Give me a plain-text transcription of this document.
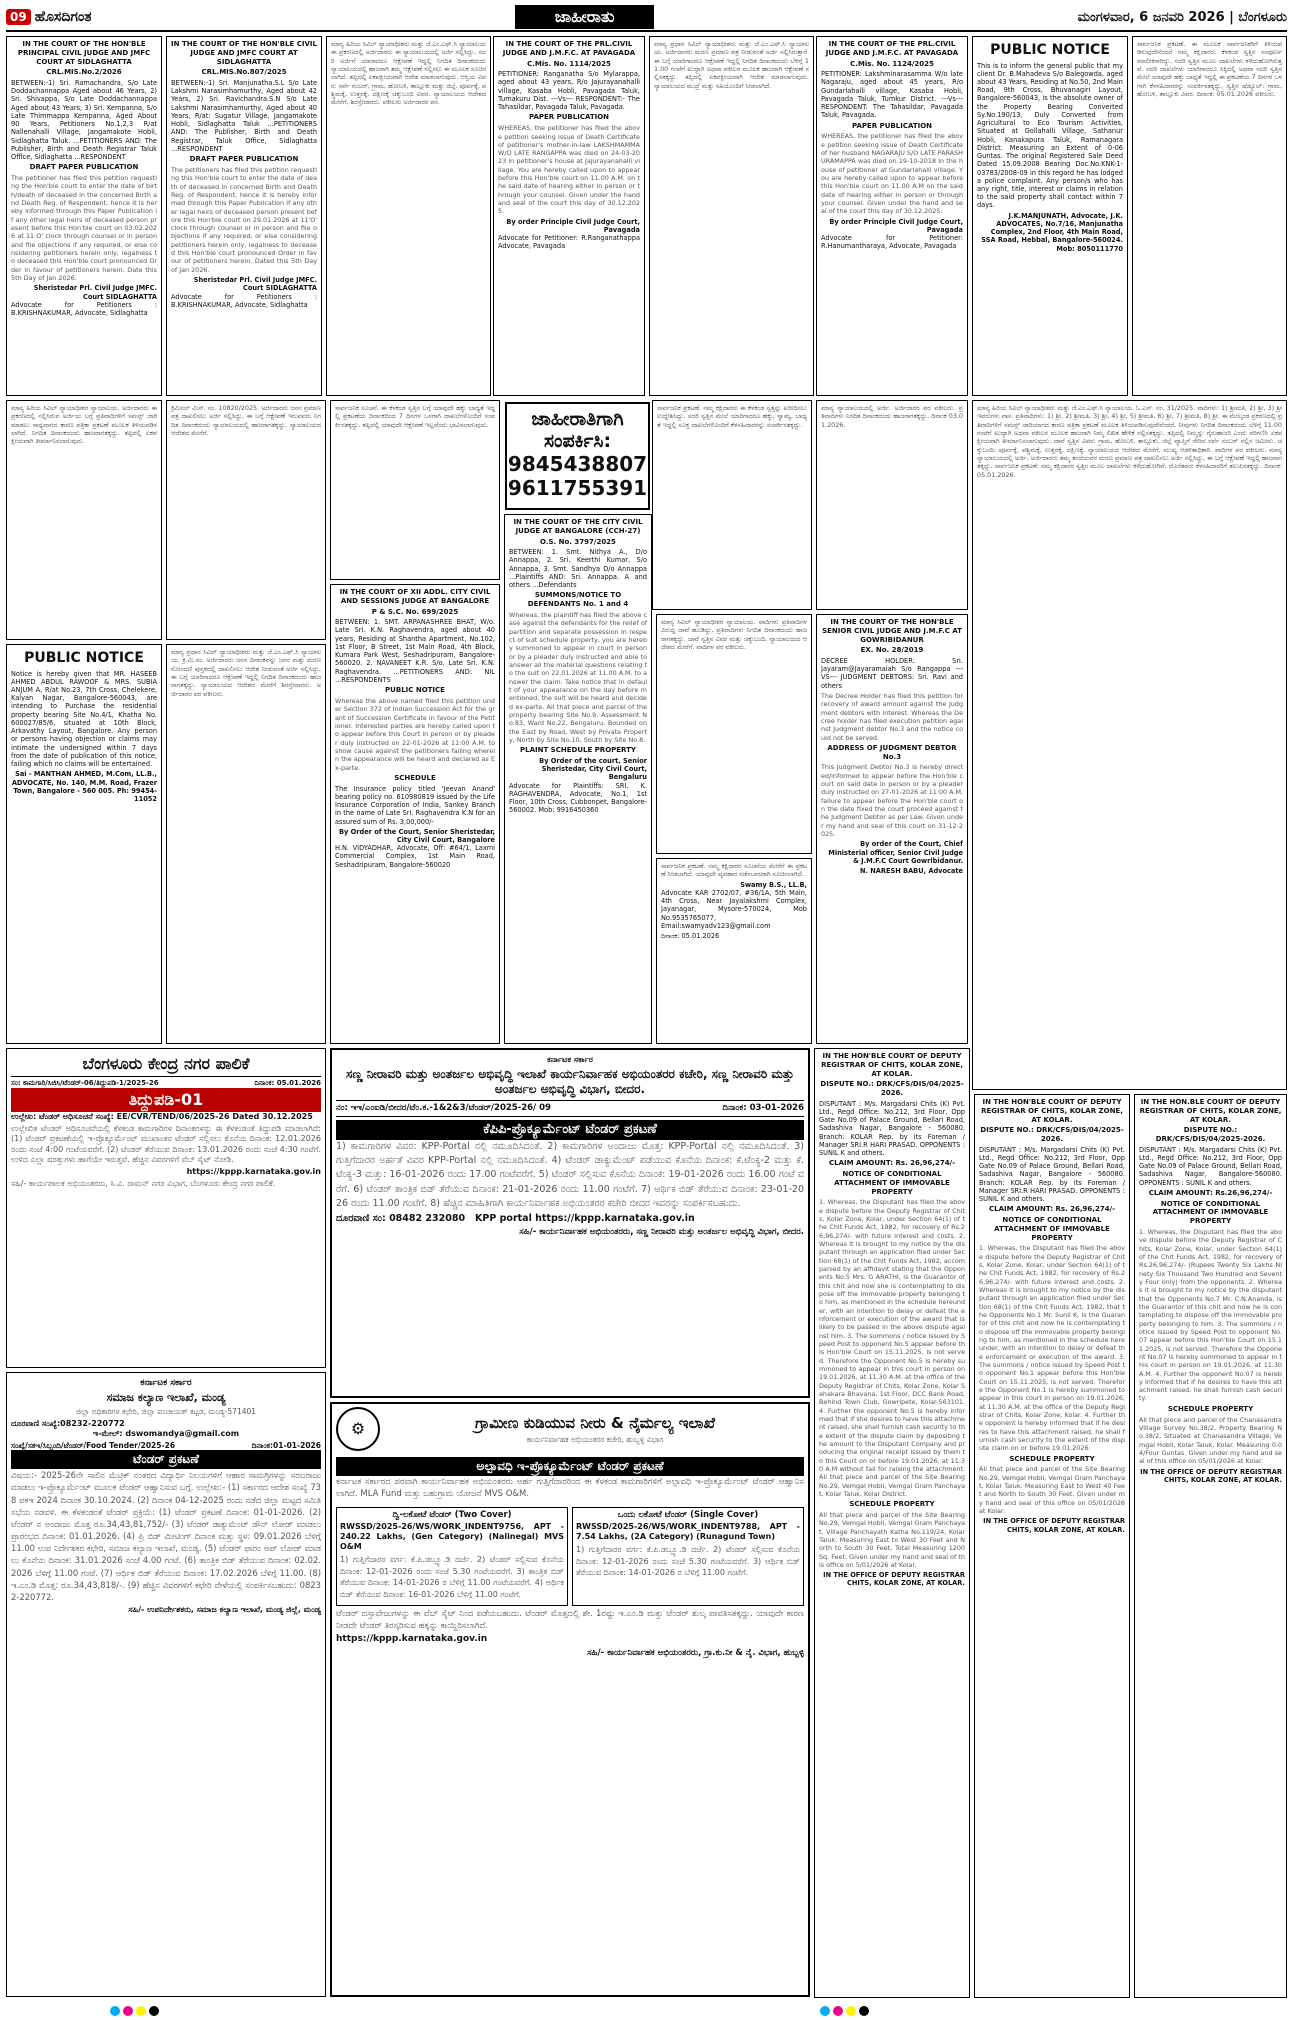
09 ಹೊಸದಿಗಂತ	ಜಾಹೀರಾತು	ಮಂಗಳವಾರ, 6 ಜನವರಿ 2026 | ಬೆಂಗಳೂರು
IN THE COURT OF THE HON'BLE PRINCIPAL CIVIL JUDGE AND JMFC COURT AT SIDLAGHATTA
CRL.MIS.No.2/2026

BETWEEN:-1) Sri. Ramachandra, S/o Late Doddachannappa Aged about 46 Years, 2) Sri. Shivappa, S/o Late Doddachannappa Aged about 43 Years, 3) Sri. Kempanna, S/o Late Thimmappa Kempanna, Aged About 90 Years, Petitioners No.1,2,3 R/at Nallenahalli Village, Jangamakote Hobli, Sidlaghatta Taluk. ...PETITIONERS AND: The Publisher, Birth and Death Registrar Taluk Office, Sidlaghatta ...RESPONDENT

DRAFT PAPER PUBLICATION

The petitioner has filed this petition requesting the Hon'ble court to enter the date of birth/death of deceased in the concerned Birth and Death Reg. of Respondent, hence it is hereby informed through this Paper Publication if any other legal heirs of deceased person present before this Hon'ble court on 03.02.2026 at 11 O' clock through counsel or in person and file objections if any required, or else considering petitioners herein only, legalness to deceased this Hon'ble court pronounced Order in favour of petitioners herein. Date this 5th Day of Jan 2026.

Sheristedar Prl. Civil Judge JMFC. Court SIDLAGHATTA

Advocate for Petitioners : B.KRISHNAKUMAR, Advocate, Sidlaghatta

IN THE COURT OF THE HON'BLE CIVIL JUDGE AND JMFC COURT AT SIDLAGHATTA
CRL.MIS.No.807/2025

BETWEEN:-1) Sri. Manjunatha.S.L S/o Late Lakshmi Narasimhamurthy, Aged about 42 Years, 2) Sri. Ravichandra.S.N S/o Late Lakshmi Narasimhamurthy, Aged about 40 Years, R/at: Sugatur Village, Jangamakote Hobli, Sidlaghatta Taluk ...PETITIONERS AND: The Publisher, Birth and Death Registrar, Taluk Office, Sidlaghatta ...RESPONDENT

DRAFT PAPER PUBLICATION

The petitioners has filed this petition requesting this Hon'ble court to enter the date of death of deceased in concerned Birth and Death Reg. of Respondent, hence it is hereby informed through this Paper Publication if any other legal heirs of deceased person present before this Hon'ble court on 29.01.2026 at 11'O' clock through counsel or in person and file objections if any required, or else considering petitioners herein only, legalness to deceased this Hon'ble court pronounced Order in favour of petitioners herein. Dated this 5th Day of Jan 2026.

Sheristedar Prl. Civil Judge JMFC. Court SIDLAGHATTA

Advocate for Petitioners : B.KRISHNAKUMAR, Advocate, Sidlaghatta

ಮಾನ್ಯ ಹಿರಿಯ ಸಿವಿಲ್ ನ್ಯಾಯಾಧೀಶರು ಮತ್ತು ಜೆ.ಎಂ.ಎಫ್.ಸಿ ನ್ಯಾಯಾಲಯ ಈ ಪ್ರಕರಣದಲ್ಲಿ ಅರ್ಜಿದಾರರು ಈ ನ್ಯಾಯಾಲಯದಲ್ಲಿ ಅರ್ಜಿ ಸಲ್ಲಿಸಿದ್ದು, ಸದರಿ ಅರ್ಜಿಗೆ ಯಾರಾದರೂ ಆಕ್ಷೇಪಣೆ ಇದ್ದಲ್ಲಿ ನಿಗದಿತ ದಿನಾಂಕದಂದು ನ್ಯಾಯಾಲಯದಲ್ಲಿ ಹಾಜರಾಗಿ ತಮ್ಮ ಆಕ್ಷೇಪಣೆ ಸಲ್ಲಿಸಲು ಈ ಮೂಲಕ ಸೂಚಿಸಲಾಗಿದೆ. ತಪ್ಪಿದಲ್ಲಿ ಏಕಪಕ್ಷೀಯವಾಗಿ ಆದೇಶ ಮಾಡಲಾಗುವುದು. ಆಸ್ತಿಯ ವಿವರ: ಸರ್ವೆ ನಂಬರ್, ಗ್ರಾಮ, ಹೋಬಳಿ, ತಾಲ್ಲೂಕು ಮತ್ತು ಜಿಲ್ಲೆ. ಪೂರ್ವಕ್ಕೆ, ಪಶ್ಚಿಮಕ್ಕೆ, ಉತ್ತರಕ್ಕೆ, ದಕ್ಷಿಣಕ್ಕೆ ಚಕ್ಕುಬಂದಿ ವಿವರ. ನ್ಯಾಯಾಲಯದ ಆದೇಶದ ಮೇರೆಗೆ, ಶಿರಸ್ತೇದಾರರು. ವಕೀಲರು ಅರ್ಜಿದಾರರ ಪರ.

IN THE COURT OF THE PRL.CIVIL JUDGE AND J.M.F.C. AT PAVAGADA
C.Mis. No. 1114/2025

PETITIONER: Ranganatha S/o Mylarappa, aged about 43 years, R/o Jajurayanahalli village, Kasaba Hobli, Pavagada Taluk, Tumakuru Dist. ---Vs--- RESPONDENT:- The Tahasildar, Pavagada Taluk, Pavagada.

PAPER PUBLICATION

WHEREAS, the petitioner has filed the above petition seeking issue of Death Certificate of petitioner's mother-in-law LAKSHMAMMA W/O LATE RANGAPPA was died on 24-03-2023 in petitioner's house at Jajurayanahalli village. You are hereby called upon to appear before this Hon'ble court on 11.00 A.M. on the said date of hearing either in person or through your counsel. Given under the hand and seal of the court this day of 30.12.2025.

By order Principle Civil Judge Court, Pavagada

Advocate for Petitioner: R.Ranganathappa Advocate, Pavagada

ಮಾನ್ಯ ಪ್ರಧಾನ ಸಿವಿಲ್ ನ್ಯಾಯಾಧೀಶರು ಮತ್ತು ಜೆ.ಎಂ.ಎಫ್.ಸಿ ನ್ಯಾಯಾಲಯ. ಅರ್ಜಿದಾರರು ಮರಣ ಪ್ರಮಾಣ ಪತ್ರ ನೀಡುವಂತೆ ಅರ್ಜಿ ಸಲ್ಲಿಸಿರುತ್ತಾರೆ. ಈ ಬಗ್ಗೆ ಯಾರಿಗಾದರೂ ಆಕ್ಷೇಪಣೆ ಇದ್ದಲ್ಲಿ ನಿಗದಿತ ದಿನಾಂಕದಂದು ಬೆಳಿಗ್ಗೆ 11.00 ಗಂಟೆಗೆ ಖುದ್ದಾಗಿ ಅಥವಾ ವಕೀಲರ ಮೂಲಕ ಹಾಜರಾಗಿ ಆಕ್ಷೇಪಣೆ ಸಲ್ಲಿಸತಕ್ಕದ್ದು. ತಪ್ಪಿದಲ್ಲಿ ಏಕಪಕ್ಷೀಯವಾಗಿ ಆದೇಶ ಮಾಡಲಾಗುವುದು. ನ್ಯಾಯಾಲಯದ ಮುದ್ರೆ ಮತ್ತು ಸಹಿಯೊಂದಿಗೆ ನೀಡಲಾಗಿದೆ.

IN THE COURT OF THE PRL.CIVIL JUDGE AND J.M.F.C. AT PAVAGADA
C.Mis. No. 1124/2025

PETITIONER: Lakshminarasamma W/o late Nagaraju, aged about 45 years, R/o Gundarlahalli village, Kasaba Hobli, Pavagada Taluk, Tumkur District. ---Vs--- RESPONDENT: The Tahasildar, Pavagada Taluk, Pavagada.

PAPER PUBLICATION

WHEREAS, the petitioner has filed the above petition seeking issue of Death Certificate of her husband NAGARAJU S/O LATE PARASHURAMAPPA was died on 19-10-2018 in the house of petitioner at Gundarlahalli village. You are hereby called upon to appear before this Hon'ble court on 11.00 A.M on the said date of hearing either in person or through your counsel. Given under the hand and seal of the court this day of 30.12.2025.

By order Principle Civil Judge Court, Pavagada

Advocate for Petitioner: R.Hanumantharaya, Advocate, Pavagada

PUBLIC NOTICE

This is to inform the general public that my client Dr. B.Mahadeva S/o Balegowda, aged about 43 Years, Residing at No.50, 2nd Main Road, 9th Cross, Bhuvanagiri Layout, Bangalore-560043, is the absolute owner of the Property Bearing Converted Sy.No.190/13, Duly Converted from Agricultural to Eco Tourism Activities, Situated at Gollahalli Village, Sathanur Hobli, Kanakapura Taluk, Ramanagara District. Measuring an Extent of 0-06 Guntas. The original Registered Sale Deed Dated 15.09.2008 Bearing Doc.No.KNK-1-03783/2008-09 in this regard he has lodged a police complaint. Any person/s who has any right, title, interest or claims in relation to the said property shall contact within 7 days.

J.K.MANJUNATH, Advocate, J.K. ADVOCATES, No.7/16, Manjunatha Complex, 2nd Floor, 4th Main Road, SSA Road, Hebbal, Bangalore-560024. Mob: 8050111770

ಸಾರ್ವಜನಿಕ ಪ್ರಕಟಣೆ. ಈ ಮೂಲಕ ಸಾರ್ವಜನಿಕರಿಗೆ ತಿಳಿಯಪಡಿಸುವುದೇನೆಂದರೆ ನಮ್ಮ ಕಕ್ಷಿದಾರರು ಕೆಳಕಂಡ ಸ್ವತ್ತಿನ ಸಂಪೂರ್ಣ ಮಾಲೀಕರಾಗಿದ್ದು, ಸದರಿ ಸ್ವತ್ತಿನ ಮೂಲ ದಾಖಲೆಗಳು ಕಳೆದುಹೋಗಿರುತ್ತವೆ. ಸದರಿ ದಾಖಲೆಗಳು ಯಾರಿಗಾದರೂ ಸಿಕ್ಕಿದಲ್ಲಿ ಅಥವಾ ಸದರಿ ಸ್ವತ್ತಿನ ಮೇಲೆ ಯಾವುದೇ ಹಕ್ಕು ಬಾಧ್ಯತೆ ಇದ್ದಲ್ಲಿ ಈ ಪ್ರಕಟಣೆಯ 7 ದಿನಗಳ ಒಳಗಾಗಿ ಕೆಳಸಹಿದಾರರನ್ನು ಸಂಪರ್ಕಿಸತಕ್ಕದ್ದು. ಸ್ವತ್ತಿನ ಷೆಡ್ಯೂಲ್: ಗ್ರಾಮ, ಹೋಬಳಿ, ತಾಲ್ಲೂಕು ವಿವರ. ದಿನಾಂಕ: 05.01.2026 ವಕೀಲರು.

ಮಾನ್ಯ ಹಿರಿಯ ಸಿವಿಲ್ ನ್ಯಾಯಾಧೀಶರ ನ್ಯಾಯಾಲಯ. ಅರ್ಜಿದಾರರು ಈ ಪ್ರಕರಣದಲ್ಲಿ ಸಲ್ಲಿಸಿರುವ ಅರ್ಜಿಯ ಬಗ್ಗೆ ಪ್ರತಿವಾದಿಗಳಿಗೆ ಸಮನ್ಸ್ ಜಾರಿ ಮಾಡಲು ಸಾಧ್ಯವಾಗದ ಕಾರಣ ಪತ್ರಿಕಾ ಪ್ರಕಟಣೆ ಮೂಲಕ ತಿಳಿಯಪಡಿಸಲಾಗಿದೆ. ನಿಗದಿತ ದಿನಾಂಕದಂದು ಹಾಜರಾಗತಕ್ಕದ್ದು. ತಪ್ಪಿದಲ್ಲಿ ಏಕಪಕ್ಷೀಯವಾಗಿ ತೀರ್ಮಾನಿಸಲಾಗುವುದು.

ಕ್ರಿಮಿನಲ್ ಮಿಸ್. ನಂ. 10820/2025. ಅರ್ಜಿದಾರರು ಜನನ ಪ್ರಮಾಣ ಪತ್ರ ದಾಖಲಿಸಲು ಅರ್ಜಿ ಸಲ್ಲಿಸಿದ್ದು, ಈ ಬಗ್ಗೆ ಆಕ್ಷೇಪಣೆ ಇರುವವರು ನಿಗದಿತ ದಿನಾಂಕದಂದು ನ್ಯಾಯಾಲಯದಲ್ಲಿ ಹಾಜರಾಗತಕ್ಕದ್ದು. ನ್ಯಾಯಾಲಯದ ಆದೇಶದ ಮೇರೆಗೆ.

ಸಾರ್ವಜನಿಕ ಸೂಚನೆ. ಈ ಕೆಳಕಂಡ ಸ್ವತ್ತಿನ ಬಗ್ಗೆ ಯಾವುದೇ ಹಕ್ಕು ಬಾಧ್ಯತೆ ಇದ್ದಲ್ಲಿ ಪ್ರಕಟಣೆಯ ದಿನಾಂಕದಿಂದ 7 ದಿನಗಳ ಒಳಗಾಗಿ ದಾಖಲೆಗಳೊಂದಿಗೆ ಸಂಪರ್ಕಿಸತಕ್ಕದ್ದು. ತಪ್ಪಿದಲ್ಲಿ ಯಾವುದೇ ಆಕ್ಷೇಪಣೆ ಇಲ್ಲವೆಂದು ಭಾವಿಸಲಾಗುವುದು.	ಜಾಹೀರಾತಿಗಾಗಿ ಸಂಪರ್ಕಿಸಿ:
9845438807
9611755391

ಸಾರ್ವಜನಿಕ ಪ್ರಕಟಣೆ. ನಮ್ಮ ಕಕ್ಷಿದಾರರು ಈ ಕೆಳಕಂಡ ಸ್ವತ್ತನ್ನು ಖರೀದಿಸಲು ಉದ್ದೇಶಿಸಿದ್ದು, ಸದರಿ ಸ್ವತ್ತಿನ ಮೇಲೆ ಯಾರಿಗಾದರೂ ಹಕ್ಕು, ಸ್ವಾಮ್ಯ, ಬಾಧ್ಯತೆ ಇದ್ದಲ್ಲಿ ಸೂಕ್ತ ದಾಖಲೆಗಳೊಂದಿಗೆ ಕೆಳಸಹಿದಾರರನ್ನು ಸಂಪರ್ಕಿಸತಕ್ಕದ್ದು.

ಮಾನ್ಯ ನ್ಯಾಯಾಲಯದಲ್ಲಿ ಅರ್ಜಿ. ಅರ್ಜಿದಾರರ ಪರ ವಕೀಲರು. ಪ್ರತಿವಾದಿಗಳು ನಿಗದಿತ ದಿನಾಂಕದಂದು ಹಾಜರಾಗತಕ್ಕದ್ದು. ದಿನಾಂಕ 03.01.2026.

ಮಾನ್ಯ ಹಿರಿಯ ಸಿವಿಲ್ ನ್ಯಾಯಾಧೀಶರು ಮತ್ತು ಜೆ.ಎಂ.ಎಫ್.ಸಿ ನ್ಯಾಯಾಲಯ. ಓ.ಎಸ್. ನಂ. 31/2025. ವಾದಿಗಳು: 1) ಶ್ರೀಮತಿ, 2) ಶ್ರೀ, 3) ಶ್ರೀ ಇವರುಗಳು ವಾಸ. ಪ್ರತಿವಾದಿಗಳು: 1) ಶ್ರೀ, 2) ಶ್ರೀಮತಿ, 3) ಶ್ರೀ, 4) ಶ್ರೀ, 5) ಶ್ರೀಮತಿ, 6) ಶ್ರೀ, 7) ಶ್ರೀಮತಿ, 8) ಶ್ರೀ. ಈ ಮೇಲ್ಕಂಡ ಪ್ರಕರಣದಲ್ಲಿ ಪ್ರತಿವಾದಿಗಳಿಗೆ ಸಮನ್ಸ್ ಜಾರಿಯಾಗದ ಕಾರಣ ಪತ್ರಿಕಾ ಪ್ರಕಟಣೆ ಮೂಲಕ ತಿಳಿಯಪಡಿಸುವುದೇನೆಂದರೆ, ನೀವುಗಳು ನಿಗದಿತ ದಿನಾಂಕದಂದು ಬೆಳಿಗ್ಗೆ 11.00 ಗಂಟೆಗೆ ಖುದ್ದಾಗಿ ಅಥವಾ ವಕೀಲರ ಮೂಲಕ ಹಾಜರಾಗಿ ನಿಮ್ಮ ಲಿಖಿತ ಹೇಳಿಕೆ ಸಲ್ಲಿಸತಕ್ಕದ್ದು. ತಪ್ಪಿದಲ್ಲಿ ನಿಮ್ಮನ್ನು ಗೈರುಹಾಜರಿ ಎಂದು ಪರಿಗಣಿಸಿ ಏಕಪಕ್ಷೀಯವಾಗಿ ತೀರ್ಮಾನಿಸಲಾಗುವುದು. ದಾವೆ ಸ್ವತ್ತಿನ ವಿವರ: ಗ್ರಾಮ, ಹೋಬಳಿ, ತಾಲ್ಲೂಕು, ಜಿಲ್ಲೆ ವ್ಯಾಪ್ತಿಗೆ ಸೇರಿದ ಸರ್ವೆ ನಂಬರ್ ನಲ್ಲಿನ ಜಮೀನು. ಚಕ್ಕುಬಂದಿ: ಪೂರ್ವಕ್ಕೆ, ಪಶ್ಚಿಮಕ್ಕೆ, ಉತ್ತರಕ್ಕೆ, ದಕ್ಷಿಣಕ್ಕೆ. ನ್ಯಾಯಾಲಯದ ಆದೇಶದ ಮೇರೆಗೆ, ಮುಖ್ಯ ಆಡಳಿತಾಧಿಕಾರಿ. ವಾದಿಗಳ ಪರ ವಕೀಲರು. ಮಾನ್ಯ ನ್ಯಾಯಾಲಯದಲ್ಲಿ ಅರ್ಜಿ. ಅರ್ಜಿದಾರರು ತಮ್ಮ ತಂದೆಯವರ ಮರಣ ಪ್ರಮಾಣ ಪತ್ರ ದಾಖಲಿಸಲು ಅರ್ಜಿ ಸಲ್ಲಿಸಿದ್ದು, ಈ ಬಗ್ಗೆ ಆಕ್ಷೇಪಣೆ ಇದ್ದಲ್ಲಿ ಹಾಜರಾಗತಕ್ಕದ್ದು. ಸಾರ್ವಜನಿಕ ಪ್ರಕಟಣೆ: ನಮ್ಮ ಕಕ್ಷಿದಾರರ ಸ್ವತ್ತಿನ ಮೂಲ ದಾಖಲೆಗಳು ಕಳೆದುಹೋಗಿವೆ. ದೊರೆತವರು ಕೆಳಸಹಿದಾರರಿಗೆ ತಲುಪಿಸತಕ್ಕದ್ದು. ದಿನಾಂಕ: 05.01.2026.

PUBLIC NOTICE

Notice is hereby given that MR. HASEEB AHMED ABDUL RAWOOF & MRS. SUBIA ANJUM A, R/at No.23, 7th Cross, Chelekere, Kalyan Nagar, Bangalore-560043, are intending to Purchase the residential property bearing Site No.4/1, Khatha No. 600027/85/6, situated at 10th Block, Arkavathy Layout, Bangalore. Any person or persons having objection or claims may intimate the undersigned within 7 days from the date of publication of this notice, failing which no claims will be entertained.

Sai - MANTHAN AHMED, M.Com, LL.B., ADVOCATE, No. 140, M.M. Road, Frazer Town, Bangalore - 560 005. Ph: 99454-11052

ಮಾನ್ಯ ಪ್ರಧಾನ ಸಿವಿಲ್ ನ್ಯಾಯಾಧೀಶರು ಮತ್ತು ಜೆ.ಎಂ.ಎಫ್.ಸಿ ನ್ಯಾಯಾಲಯ. ಕ್ರಿ.ಮಿ.ಸಂ. ಅರ್ಜಿದಾರರು ಜನನ ದಿನಾಂಕವನ್ನು ಜನನ ಮತ್ತು ಮರಣ ನೋಂದಣಿ ಪುಸ್ತಕದಲ್ಲಿ ದಾಖಲಿಸಲು ಆದೇಶ ನೀಡುವಂತೆ ಅರ್ಜಿ ಸಲ್ಲಿಸಿದ್ದು, ಈ ಬಗ್ಗೆ ಯಾರಿಗಾದರೂ ಆಕ್ಷೇಪಣೆ ಇದ್ದಲ್ಲಿ ನಿಗದಿತ ದಿನಾಂಕದಂದು ಹಾಜರಾಗತಕ್ಕದ್ದು. ನ್ಯಾಯಾಲಯದ ಆದೇಶದ ಮೇರೆಗೆ ಶಿರಸ್ತೇದಾರರು. ಅರ್ಜಿದಾರರ ಪರ ವಕೀಲರು.

IN THE COURT OF XII ADDL. CITY CIVIL AND SESSIONS JUDGE AT BANGALORE
P & S.C. No. 699/2025

BETWEEN: 1. SMT. ARPANASHREE BHAT, W/o. Late Sri. K.N. Raghavendra, aged about 40 years, Residing at Shantha Apartment, No.102, 1st Floor, B Street, 1st Main Road, 4th Block, Kumara Park West, Seshadripuram, Bangalore-560020. 2. NAVANEET K.R. S/o. Late Sri. K.N. Raghavendra. ...PETITIONERS AND: NIL ...RESPONDENTS

PUBLIC NOTICE

Whereas the above named filed this petition under Section 372 of Indian Succession Act for the grant of Succession Certificate in favour of the Petitioner. Interested parties are hereby called upon to appear before this Court in person or by pleader duly instructed on 22-01-2026 at 11:00 A.M. to show cause against the petitioners failing wherein the appearance will be heard and declared as Ex-parte.

SCHEDULE

The Insurance policy titled 'Jeevan Anand' bearing policy no. 610980819 issued by the Life Insurance Corporation of India, Sankey Branch in the name of Late Sri. Raghavendra K.N for an assured sum of Rs. 3,00,000/-

By Order of the Court, Senior Sheristedar, City Civil Court, Bangalore

H.N. VIDYADHAR, Advocate, Off: #64/1, Laxmi Commercial Complex, 1st Main Road, Seshadripuram, Bangalore-560020

IN THE COURT OF THE CITY CIVIL JUDGE AT BANGALORE (CCH-27)
O.S. No. 3797/2025

BETWEEN: 1. Smt. Nithya A., D/o Annappa, 2. Sri. Keerthi Kumar, S/o Annappa, 3. Smt. Sandhya D/o Annappa ...Plaintiffs AND: Sri. Annappa. A and others ...Defendants

SUMMONS/NOTICE TO DEFENDANTS No. 1 and 4

Whereas, the plaintiff has filed the above case against the defendants for the relief of partition and separate possession in respect of suit schedule property, you are hereby summoned to appear in court in person or by a pleader duly instructed and able to answer all the material questions relating to the suit on 22.01.2026 at 11.00 A.M. to answer the claim. Take notice that in default of your appearance on the day before mentioned, the suit will be heard and decided ex-parte. All that piece and parcel of the property bearing Site No.9, Assessment No.83, Ward No.22, Bengaluru. Bounded on the East by Road, West by Private Property, North by Site No.10, South by Site No.8.

PLAINT SCHEDULE PROPERTY
By Order of the court, Senior Sheristedar, City Civil Court, Bengaluru

Advocate for Plaintiffs: SRI. K. RAGHAVENDRA, Advocate, No.1, 1st Floor, 10th Cross, Cubbonpet, Bangalore-560002. Mob: 9916450360

ಮಾನ್ಯ ಸಿವಿಲ್ ನ್ಯಾಯಾಧೀಶರ ನ್ಯಾಯಾಲಯ. ವಾದಿಗಳು ಪ್ರತಿವಾದಿಗಳ ವಿರುದ್ಧ ದಾವೆ ಹೂಡಿದ್ದು, ಪ್ರತಿವಾದಿಗಳು ನಿಗದಿತ ದಿನಾಂಕದಂದು ಹಾಜರಾಗತಕ್ಕದ್ದು. ದಾವೆ ಸ್ವತ್ತಿನ ವಿವರ ಮತ್ತು ಚಕ್ಕುಬಂದಿ. ನ್ಯಾಯಾಲಯದ ಆದೇಶದ ಮೇರೆಗೆ. ವಾದಿಗಳ ಪರ ವಕೀಲರು.

ಸಾರ್ವಜನಿಕ ಪ್ರಕಟಣೆ. ನಮ್ಮ ಕಕ್ಷಿದಾರರ ಸೂಚನೆಯ ಮೇರೆಗೆ ಈ ಪ್ರಕಟಣೆ ನೀಡಲಾಗಿದೆ. ಯಾವುದೇ ವ್ಯವಹಾರ ನಡೆಸಬಾರದಾಗಿ ಸೂಚಿಸಲಾಗಿದೆ.

Swamy B.S., LL.B,

Advocate KAR 2702/07, #36/1A, 5th Main, 4th Cross, Near Jayalakshmi Complex, Jayanagar, Mysore-570024, Mob No.9535765077, Email:swamyadv123@gmail.com

ದಿನಾಂಕ: 05.01.2026

IN THE COURT OF THE HON'BLE SENIOR CIVIL JUDGE AND J.M.F.C AT GOWRIBIDANUR
EX. No. 28/2019

DECREE HOLDER: Sri. Jayaram@Jayaramaiah S/o Rangappa ---VS--- JUDGMENT DEBTORS: Sri. Ravi and others

The Decree Holder has filed this petition for recovery of award amount against the Judgment debtors with interest. Whereas the Decree holder has filed execution petition against Judgment debtor No.3 and the notice could not be served.

ADDRESS OF JUDGMENT DEBTOR No.3

This Judgment Debtor No.3 is hereby directed/informed to appear before the Hon'ble court on said date in person or by a pleader duly instructed on 27-01-2026 at 11:00 A.M. failure to appear before the Hon'ble court on the date fixed the court proceed against the Judgment Debtor as per Law. Given under my hand and seal of this court on 31-12-2025.

By order of the Court, Chief Ministerial officer, Senior Civil Judge & J.M.F.C Court Gowribidanur.
N. NARESH BABU, Advocate
ಬೆಂಗಳೂರು ಕೇಂದ್ರ ನಗರ ಪಾಲಿಕೆ
ಸಂ: ಕಾಮಗಾರಿ/ಸಿಜಿಸಿ/ಟೆಂಡರ್-06/ತಿದ್ದುಪಡಿ-1/2025-26	ದಿನಾಂಕ: 05.01.2026
ತಿದ್ದುಪಡಿ-01

ಉಲ್ಲೇಖ: ಟೆಂಡರ್ ಅಧಿಸೂಚನೆ ಸಂಖ್ಯೆ: EE/CVR/TEND/06/2025-26 Dated 30.12.2025

ಉಲ್ಲೇಖಿತ ಟೆಂಡರ್ ಅಧಿಸೂಚನೆಯಲ್ಲಿ ಕೆಳಕಂಡ ಕಾಮಗಾರಿಗಳ ದಿನಾಂಕಗಳನ್ನು ಈ ಕೆಳಕಂಡಂತೆ ತಿದ್ದುಪಡಿ ಮಾಡಲಾಗಿದೆ: (1) ಟೆಂಡರ್ ಪ್ರಕಟಣೆಯಲ್ಲಿ ಇ-ಪ್ರೊಕ್ಯೂರ್ಮೆಂಟ್ ಮುಖಾಂತರ ಟೆಂಡರ್ ಸಲ್ಲಿಸಲು ಕೊನೆಯ ದಿನಾಂಕ: 12.01.2026 ರಂದು ಸಂಜೆ 4:00 ಗಂಟೆಯವರೆಗೆ. (2) ಟೆಂಡರ್ ತೆರೆಯುವ ದಿನಾಂಕ: 13.01.2026 ರಂದು ಸಂಜೆ 4:30 ಗಂಟೆಗೆ. ಉಳಿದ ಎಲ್ಲಾ ಷರತ್ತುಗಳು ಹಾಗೆಯೇ ಇರುತ್ತವೆ. ಹೆಚ್ಚಿನ ವಿವರಗಳಿಗೆ ವೆಬ್ ಸೈಟ್ ನೋಡಿ.

https://kppp.karnataka.gov.in

ಸಹಿ/- ಕಾರ್ಯಪಾಲಕ ಅಭಿಯಂತರರು, ಸಿ.ವಿ. ರಾಮನ್ ನಗರ ವಿಭಾಗ, ಬೆಂಗಳೂರು ಕೇಂದ್ರ ನಗರ ಪಾಲಿಕೆ.

ಕರ್ನಾಟಕ ಸರ್ಕಾರ
ಸಮಾಜ ಕಲ್ಯಾಣ ಇಲಾಖೆ, ಮಂಡ್ಯ

ಜಿಲ್ಲಾ ಅಧಿಕಾರಿಗಳ ಕಛೇರಿ, ಜಿಲ್ಲಾ ಪಂಚಾಯತ್ ಕಟ್ಟಡ, ಮಂಡ್ಯ-571401

ದೂರವಾಣಿ ಸಂಖ್ಯೆ:08232-220772

ಇ-ಮೇಲ್: dswomandya@gmail.com

ಸಂಖ್ಯೆ/ಸಕಇ/ಸಿಬ್ಬಂದಿ/ಟೆಂಡರ್/Food Tender/2025-26	ದಿನಾಂಕ:01-01-2026
ಟೆಂಡರ್ ಪ್ರಕಟಣೆ

ವಿಷಯ:- 2025-26ನೇ ಸಾಲಿನ ಮೆಟ್ರಿಕ್ ನಂತರದ ವಿದ್ಯಾರ್ಥಿ ನಿಲಯಗಳಿಗೆ ಆಹಾರ ಸಾಮಗ್ರಿಗಳನ್ನು ಸರಬರಾಜು ಮಾಡಲು ಇ-ಪ್ರೊಕ್ಯೂರ್ಮೆಂಟ್ ಮೂಲಕ ಟೆಂಡರ್ ಆಹ್ವಾನಿಸುವ ಬಗ್ಗೆ. ಉಲ್ಲೇಖ:- (1) ಸರ್ಕಾರದ ಆದೇಶ ಸಂಖ್ಯೆ 738 ಪಕಇ 2024 ದಿನಾಂಕ 30.10.2024. (2) ದಿನಾಂಕ 04-12-2025 ರಂದು ನಡೆದ ಜಿಲ್ಲಾ ಮಟ್ಟದ ಸಮಿತಿ ಸಭೆಯ ನಡವಳಿ. ಈ ಕೆಳಕಂಡಂತೆ ಟೆಂಡರ್ ಪ್ರಕ್ರಿಯೆ: (1) ಟೆಂಡರ್ ಪ್ರಕಟಣೆ ದಿನಾಂಕ: 01-01-2026. (2) ಟೆಂಡರ್ ನ ಅಂದಾಜು ಮೊತ್ತ ರೂ.34,43,81,752/- (3) ಟೆಂಡರ್ ಡಾಕ್ಯುಮೆಂಟ್ ಡೌನ್ ಲೋಡ್ ಮಾಡಲು ಪ್ರಾರಂಭದ ದಿನಾಂಕ: 01.01.2026. (4) ಪ್ರಿ ಬಿಡ್ ಮೀಟಿಂಗ್ ದಿನಾಂಕ ಮತ್ತು ಸ್ಥಳ: 09.01.2026 ಬೆಳಿಗ್ಗೆ 11.00 ಉಪ ನಿರ್ದೇಶಕರ ಕಛೇರಿ, ಸಮಾಜ ಕಲ್ಯಾಣ ಇಲಾಖೆ, ಮಂಡ್ಯ. (5) ಟೆಂಡರ್ ಫಾರಂ ಅಪ್ ಲೋಡ್ ಮಾಡಲು ಕೊನೆಯ ದಿನಾಂಕ: 31.01.2026 ಸಂಜೆ 4.00 ಗಂಟೆ. (6) ತಾಂತ್ರಿಕ ಬಿಡ್ ತೆರೆಯುವ ದಿನಾಂಕ: 02.02.2026 ಬೆಳಿಗ್ಗೆ 11.00 ಗಂಟೆ. (7) ಆರ್ಥಿಕ ಬಿಡ್ ತೆರೆಯುವ ದಿನಾಂಕ: 17.02.2026 ಬೆಳಿಗ್ಗೆ 11.00. (8) ಇ.ಎಂ.ಡಿ ಮೊತ್ತ: ರೂ.34,43,818/-. (9) ಹೆಚ್ಚಿನ ವಿವರಗಳಿಗೆ ಕಛೇರಿ ವೇಳೆಯಲ್ಲಿ ಸಂಪರ್ಕಿಸಬಹುದು: 08232-220772.

ಸಹಿ/- ಉಪನಿರ್ದೇಶಕರು, ಸಮಾಜ ಕಲ್ಯಾಣ ಇಲಾಖೆ, ಮಂಡ್ಯ ಜಿಲ್ಲೆ, ಮಂಡ್ಯ

ಕರ್ನಾಟಕ ಸರ್ಕಾರ
ಸಣ್ಣ ನೀರಾವರಿ ಮತ್ತು ಅಂತರ್ಜಲ ಅಭಿವೃದ್ಧಿ ಇಲಾಖೆ ಕಾರ್ಯನಿರ್ವಾಹಕ ಅಭಿಯಂತರರ ಕಚೇರಿ, ಸಣ್ಣ ನೀರಾವರಿ ಮತ್ತು ಅಂತರ್ಜಲ ಅಭಿವೃದ್ಧಿ ವಿಭಾಗ, ಬೀದರ.
ನಂ: ಇಇ/ಎಂಐಡಿ/ಬೀದರ/ಟೆಂ.ಕ.-1&2&3/ಟೆಂಡರ್/2025-26/ 09	ದಿನಾಂಕ: 03-01-2026
ಕೆಪಿಪಿ-ಪ್ರೊಕ್ಯೂರ್ಮೆಂಟ್ ಟೆಂಡರ್ ಪ್ರಕಟಣೆ

1) ಕಾಮಗಾರಿಗಳ ವಿವರ: KPP-Portal ನಲ್ಲಿ ನಮೂದಿಸಿದಂತೆ. 2) ಕಾಮಗಾರಿಗಳ ಅಂದಾಜು ಮೊತ್ತ: KPP-Portal ನಲ್ಲಿ ನಮೂದಿಸಿದಂತೆ. 3) ಗುತ್ತಿಗೆದಾರರ ಅರ್ಹತೆ ವಿವರ KPP-Portal ನಲ್ಲಿ ನಮೂದಿಸಿದಂತೆ. 4) ಟೆಂಡರ್ ಡಾಕ್ಯುಮೆಂಟ್ ಪಡೆಯುವ ಕೊನೆಯ ದಿನಾಂಕ: ಕೆ.ಟೆಂಕ್ಯ-2 ಮತ್ತು ಕೆ.ಟೆಂಕ್ಯ-3 ಮತ್ತು: 16-01-2026 ರಂದು 17.00 ಗಂಟೆವರೆಗೆ. 5) ಟೆಂಡರ್ ಸಲ್ಲಿಸುವ ಕೊನೆಯ ದಿನಾಂಕ: 19-01-2026 ರಂದು 16.00 ಗಂಟೆ ವರೆಗೆ. 6) ಟೆಂಡರ್ ತಾಂತ್ರಿಕ ಬಿಡ್ ತೆರೆಯುವ ದಿನಾಂಕ: 21-01-2026 ರಂದು 11.00 ಗಂಟೆಗೆ. 7) ಆರ್ಥಿಕ ಬಿಡ್ ತೆರೆಯುವ ದಿನಾಂಕ: 23-01-2026 ರಂದು 11.00 ಗಂಟೆಗೆ. 8) ಹೆಚ್ಚಿನ ಮಾಹಿತಿಗಾಗಿ ಕಾರ್ಯನಿರ್ವಾಹಕ ಅಭಿಯಂತರರ ಕಚೇರಿ ಬೀದರ ಇವರನ್ನು ಸಂಪರ್ಕಿಸಬಹುದು.

ದೂರವಾಣಿ ಸಂ: 08482 232080 KPP portal https://kppp.karnataka.gov.in

ಸಹಿ/- ಕಾರ್ಯನಿರ್ವಾಹಕ ಅಭಿಯಂತರರು, ಸಣ್ಣ ನೀರಾವರಿ ಮತ್ತು ಅಂತರ್ಜಲ ಅಭಿವೃದ್ಧಿ ವಿಭಾಗ, ಬೀದರ.

⚙	ಗ್ರಾಮೀಣ ಕುಡಿಯುವ ನೀರು & ನೈರ್ಮಲ್ಯ ಇಲಾಖೆ

ಕಾರ್ಯನಿರ್ವಾಹಕ ಅಭಿಯಂತರರ ಕಚೇರಿ, ಹುಬ್ಬಳ್ಳಿ ವಿಭಾಗ

ಅಲ್ಪಾವಧಿ ಇ-ಪ್ರೊಕ್ಯೂರ್ಮೆಂಟ್ ಟೆಂಡರ್ ಪ್ರಕಟಣೆ

ಕರ್ನಾಟಕ ಸರ್ಕಾರದ ಪರವಾಗಿ ಕಾರ್ಯನಿರ್ವಾಹಕ ಅಭಿಯಂತರರು ಅರ್ಹ ಗುತ್ತಿಗೆದಾರರಿಂದ ಈ ಕೆಳಕಂಡ ಕಾಮಗಾರಿಗಳಿಗೆ ಅಲ್ಪಾವಧಿ ಇ-ಪ್ರೊಕ್ಯೂರ್ಮೆಂಟ್ ಟೆಂಡರ್ ಆಹ್ವಾನಿಸಲಾಗಿದೆ. MLA Fund ಮತ್ತು ಬಹುಗ್ರಾಮ ಯೋಜನೆ MVS O&M.

ದ್ವಿ-ಲಕೋಟೆ ಟೆಂಡರ್ (Two Cover)

RWSSD/2025-26/WS/WORK_INDENT9756, APT - 240.22 Lakhs, (Gen Category) (Nalinegal) MVS O&M

1) ಗುತ್ತಿಗೆದಾರರ ವರ್ಗ: ಕೆ.ಪಿ.ಡಬ್ಲ್ಯೂ.ಡಿ ದರ್ಜೆ. 2) ಟೆಂಡರ್ ಸಲ್ಲಿಸುವ ಕೊನೆಯ ದಿನಾಂಕ: 12-01-2026 ರಂದು ಸಂಜೆ 5.30 ಗಂಟೆಯವರೆಗೆ. 3) ತಾಂತ್ರಿಕ ಬಿಡ್ ತೆರೆಯುವ ದಿನಾಂಕ: 14-01-2026 ರ ಬೆಳಿಗ್ಗೆ 11.00 ಗಂಟೆಯವರೆಗೆ. 4) ಆರ್ಥಿಕ ಬಿಡ್ ತೆರೆಯುವ ದಿನಾಂಕ: 16-01-2026 ಬೆಳಿಗ್ಗೆ 11.00 ಗಂಟೆಗೆ.

ಒಂದು ಲಕೋಟೆ ಟೆಂಡರ್ (Single Cover)

RWSSD/2025-26/WS/WORK_INDENT9788, APT - 7.54 Lakhs, (2A Category) (Runagund Town)

1) ಗುತ್ತಿಗೆದಾರರ ವರ್ಗ: ಕೆ.ಪಿ.ಡಬ್ಲ್ಯೂ.ಡಿ ದರ್ಜೆ. 2) ಟೆಂಡರ್ ಸಲ್ಲಿಸುವ ಕೊನೆಯ ದಿನಾಂಕ: 12-01-2026 ರಂದು ಸಂಜೆ 5.30 ಗಂಟೆಯವರೆಗೆ. 3) ಆರ್ಥಿಕ ಬಿಡ್ ತೆರೆಯುವ ದಿನಾಂಕ: 14-01-2026 ರ ಬೆಳಿಗ್ಗೆ 11.00 ಗಂಟೆಗೆ.

ಟೆಂಡರ್ ದಸ್ತಾವೇಜುಗಳನ್ನು ಈ ವೆಬ್ ಸೈಟ್ ನಿಂದ ಪಡೆಯಬಹುದು. ಟೆಂಡರ್ ಮೊತ್ತದಲ್ಲಿ ಶೇ. 1ರಷ್ಟು ಇ.ಎಂ.ಡಿ ಮತ್ತು ಟೆಂಡರ್ ಶುಲ್ಕ ಪಾವತಿಸತಕ್ಕದ್ದು. ಯಾವುದೇ ಕಾರಣ ನೀಡದೇ ಟೆಂಡರ್ ತಿರಸ್ಕರಿಸುವ ಹಕ್ಕನ್ನು ಕಾಯ್ದಿರಿಸಲಾಗಿದೆ.

https://kppp.karnataka.gov.in

ಸಹಿ/- ಕಾರ್ಯನಿರ್ವಾಹಕ ಅಭಿಯಂತರರು, ಗ್ರಾ.ಕು.ನೀ & ನೈ. ವಿಭಾಗ, ಹುಬ್ಬಳ್ಳಿ

IN THE HON'BLE COURT OF DEPUTY REGISTRAR OF CHITS, KOLAR ZONE, AT KOLAR.
DISPUTE NO.: DRK/CFS/DIS/04/2025-2026.

DISPUTANT : M/s. Margadarsi Chits (K) Pvt. Ltd., Regd Office: No.212, 3rd Floor, Opp Gate No.09 of Palace Ground, Bellari Road, Sadashiva Nagar, Bangalore - 560080. Branch: KOLAR Rep. by its Foreman / Manager SRI.R HARI PRASAD. OPPONENTS : SUNIL K and others.

CLAIM AMOUNT: Rs. 26,96,274/-
NOTICE OF CONDITIONAL ATTACHMENT OF IMMOVABLE PROPERTY

1. Whereas, the Disputant has filed the above dispute before the Deputy Registrar of Chits, Kolar Zone, Kolar, under Section 64(1) of the Chit Funds Act, 1982, for recovery of Rs.26,96,274/- with future interest and costs. 2. Whereas it is brought to my notice by the disputant through an application filed under Section 68(1) of the Chit Funds Act, 1982, accompanied by an affidavit stating that the Opponents No.5 Mrs. G ARATHI, is the Guarantor of this chit and now she is contemplating to dispose off the immovable property belonging to him, as mentioned in the schedule hereunder, with an intention to delay or defeat the enforcement or execution of the award that is likely to be passed in the above dispute against him. 3. The summons / notice issued by Speed Post to opponent No.5 appear before this Hon'ble Court on 15.11.2025, is not served. Therefore the Opponent No.5 is hereby summoned to appear in this court in person on 19.01.2026, at 11.30 A.M. at the office of the Deputy Registrar of Chits, Kolar Zone, Kolar Sahakara Bhavana, 1st Floor, DCC Bank Road, Behind Town Club, Gowripete, Kolar-563101. 4. Further the opponent No.5 is hereby informed that if she desires to have this attachment raised, she shall furnish cash security to the extent of the dispute claim by depositing the amount to the Disputant Company and producing the original receipt issued by them to this Court on or before 19.01.2026, at 11:30 A.M without fail for raising the attachment. All that piece and parcel of the Site Bearing No.29, Vemgal Hobli, Vemgal Gram Panchayat, Kolar Taluk, Kolar District.

SCHEDULE PROPERTY

All that piece and parcel of the Site Bearing No.29, Vemgal Hobli, Vemgal Gram Panchayat, Village Panchayath Katha No.119/24, Kolar Taluk. Measuring East to West 30 Feet and North to South 30 Feet, Total Measuring 1200 Sq. Feet. Given under my hand and seal of this office on 5/01/2026 at Kolar.

IN THE OFFICE OF DEPUTY REGISTRAR CHITS, KOLAR ZONE, AT KOLAR.
IN THE HON'BLE COURT OF DEPUTY REGISTRAR OF CHITS, KOLAR ZONE, AT KOLAR.
DISPUTE NO.: DRK/CFS/DIS/04/2025-2026.

DISPUTANT : M/s. Margadarsi Chits (K) Pvt. Ltd., Regd Office: No.212, 3rd Floor, Opp Gate No.09 of Palace Ground, Bellari Road, Sadashiva Nagar, Bangalore - 560080. Branch: KOLAR Rep. by its Foreman / Manager SRI.R HARI PRASAD. OPPONENTS : SUNIL K and others.

CLAIM AMOUNT: Rs. 26,96,274/-
NOTICE OF CONDITIONAL ATTACHMENT OF IMMOVABLE PROPERTY

1. Whereas, the Disputant has filed the above dispute before the Deputy Registrar of Chits, Kolar Zone, Kolar, under Section 64(1) of the Chit Funds Act, 1982, for recovery of Rs.26,96,274/- with future interest and costs. 2. Whereas it is brought to my notice by the disputant through an application filed under Section 68(1) of the Chit Funds Act, 1982, that the Opponents No.1 Mr. Sunil K, is the Guarantor of this chit and now he is contemplating to dispose off the immovable property belonging to him, as mentioned in the schedule hereunder, with an intention to delay or defeat the enforcement or execution of the award. 3. The summons / notice issued by Speed Post to opponent No.1 appear before this Hon'ble Court on 15.11.2025, is not served. Therefore the Opponent No.1 is hereby summoned to appear in this court in person on 19.01.2026, at 11.30 A.M. at the office of the Deputy Registrar of Chits, Kolar Zone, Kolar. 4. Further the opponent is hereby informed that if he desires to have this attachment raised, he shall furnish cash security to the extent of the dispute claim on or before 19.01.2026.

SCHEDULE PROPERTY

All that piece and parcel of the Site Bearing No.29, Vemgal Hobli, Vemgal Gram Panchayat, Kolar Taluk. Measuring East to West 40 Feet and North to South 30 Feet. Given under my hand and seal of this office on 05/01/2026 at Kolar.

IN THE OFFICE OF DEPUTY REGISTRAR CHITS, KOLAR ZONE, AT KOLAR.
IN THE HON.BLE COURT OF DEPUTY REGISTRAR OF CHITS, KOLAR ZONE, AT KOLAR.
DISPUTE NO.: DRK/CFS/DIS/04/2025-2026.

DISPUTANT : M/s. Margadarsi Chits (K) Pvt. Ltd., Regd Office: No.212, 3rd Floor, Opp Gate No.09 of Palace Ground, Bellari Road, Sadashiva Nagar, Bangalore-560080. OPPONENTS : SUNIL K and others.

CLAIM AMOUNT: Rs.26,96,274/-
NOTICE OF CONDITIONAL ATTACHMENT OF IMMOVABLE PROPERTY

1. Whereas, the Disputant has filed the above dispute before the Deputy Registrar of Chits, Kolar Zone, Kolar, under Section 64(1) of the Chit Funds Act, 1982, for recovery of Rs.26,96,274/- (Rupees Twenty Six Lakhs Ninety Six Thousand Two Hundred and Seventy Four only) from the opponents. 2. Whereas it is brought to my notice by the disputant that the Opponents No.7 Mr. C.N.Ananda, is the Guarantor of this chit and now he is contemplating to dispose off the immovable property belonging to him. 3. The summons / notice issued by Speed Post to opponent No.07 appear before this Hon'ble Court on 15.11.2025, is not served. Therefore the Opponent No.07 is hereby summoned to appear in this court in person on 19.01.2026, at 11.30 A.M. 4. Further the opponent No.07 is hereby informed that if he desires to have this attachment raised, he shall furnish cash security.

SCHEDULE PROPERTY

All that piece and parcel of the Chanasandra Village Survey No.38/2, Property Bearing No.38/2, Situated at Chanasandra Village, Vemgal Hobli, Kolar Taluk, Kolar. Measuring 0.04/Four Guntas. Given under my hand and seal of this office on 05/01/2026 at Kolar.

IN THE OFFICE OF DEPUTY REGISTRAR CHITS, KOLAR ZONE, AT KOLAR.
